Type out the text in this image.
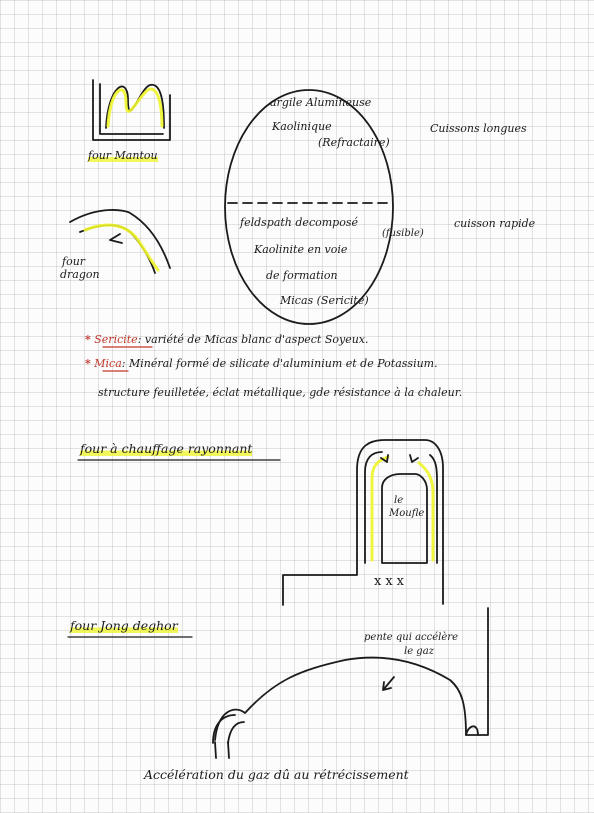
four Mantou
four
dragon
argile Alumineuse
Kaolinique
(Refractaire)
Cuissons longues
feldspath decomposé
(fusible)
Kaolinite en voie
de formation
Micas (Sericite)
cuisson rapide
* Sericite: variété de Micas blanc d'aspect Soyeux.
* Mica: Minéral formé de silicate d'aluminium et de Potassium.
structure feuilletée, éclat métallique, gde résistance à la chaleur.
four à chauffage rayonnant
le
Moufle
xxx
four Jong deghor
pente qui accélère
le gaz
Accélération du gaz dû au rétrécissement
